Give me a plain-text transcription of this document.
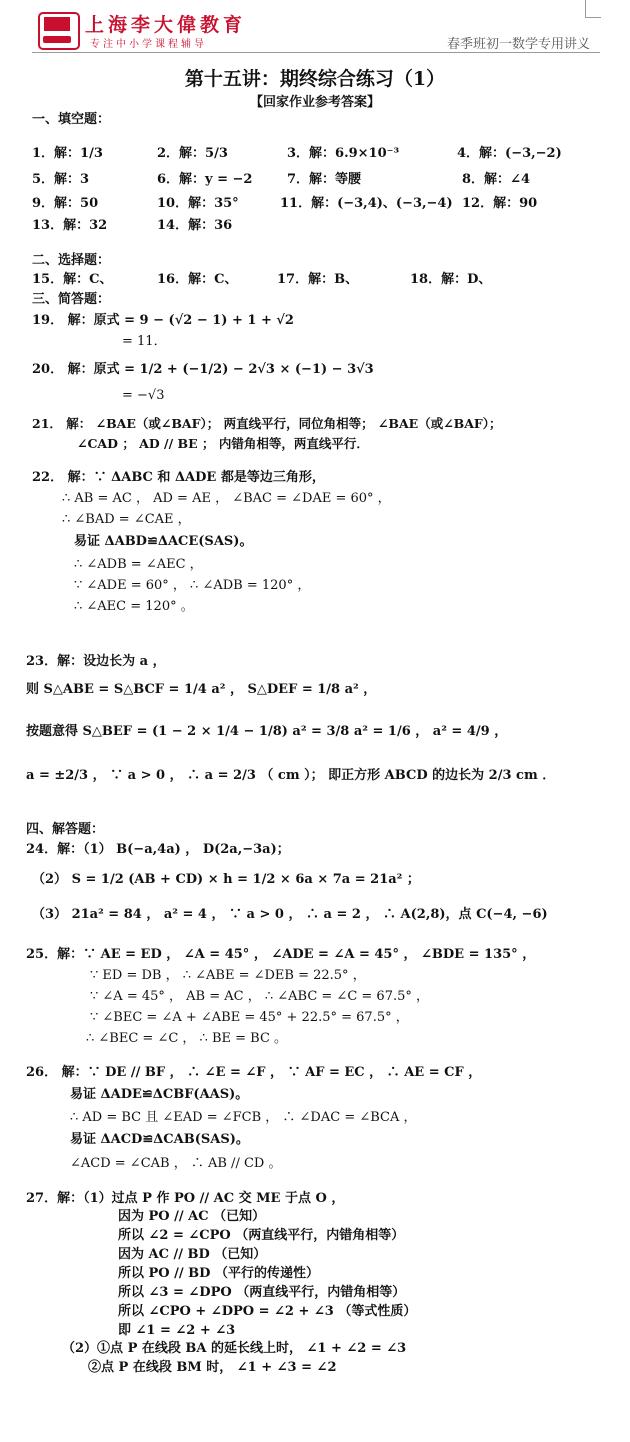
上海李大偉教育
专注中小学课程辅导	春季班初一数学专用讲义
第十五讲：期终综合练习（1）
【回家作业参考答案】
一、填空题：
1．解：1/3	2．解：5/3	3．解：6.9×10⁻³	4．解：(−3,−2)
5．解：3	6．解：y = −2	7．解：等腰	8．解：∠4
9．解：50	10．解：35°	11．解：(−3,4)、(−3,−4) 12．解：90
13．解：32	14．解：36
二、选择题：
15．解：C、	16．解：C、	17．解：B、	18．解：D、
三、简答题：
19． 解：原式 = 9 − (√2 − 1) + 1 + √2
= 11．
20． 解：原式 = 1/2 + (−1/2) − 2√3 × (−1) − 3√3
= −√3
21． 解： ∠BAE（或∠BAF）； 两直线平行，同位角相等； ∠BAE（或∠BAF）；
∠CAD ； AD // BE ； 内错角相等，两直线平行．
22． 解：∵ ΔABC 和 ΔADE 都是等边三角形，
∴ AB = AC ， AD = AE ， ∠BAC = ∠DAE = 60° ，
∴ ∠BAD = ∠CAE ，
易证 ΔABD≌ΔACE(SAS)。
∴ ∠ADB = ∠AEC ，
∵ ∠ADE = 60° ， ∴ ∠ADB = 120° ，
∴ ∠AEC = 120° 。
23．解：设边长为 a ，
则 S△ABE = S△BCF = 1/4 a² ， S△DEF = 1/8 a² ，
按题意得 S△BEF = (1 − 2 × 1/4 − 1/8) a² = 3/8 a² = 1/6 ， a² = 4/9 ，
a = ±2/3 ， ∵ a > 0 ， ∴ a = 2/3 （ cm ）； 即正方形 ABCD 的边长为 2/3 cm ．
四、解答题：
24．解：（1） B(−a,4a) ， D(2a,−3a)；
（2） S = 1/2 (AB + CD) × h = 1/2 × 6a × 7a = 21a² ；
（3） 21a² = 84 ， a² = 4 ， ∵ a > 0 ， ∴ a = 2 ， ∴ A(2,8)，点 C(−4, −6)
25．解：∵ AE = ED ， ∠A = 45° ， ∠ADE = ∠A = 45° ， ∠BDE = 135° ，
∵ ED = DB ， ∴ ∠ABE = ∠DEB = 22.5° ，
∵ ∠A = 45° ， AB = AC ， ∴ ∠ABC = ∠C = 67.5° ，
∵ ∠BEC = ∠A + ∠ABE = 45° + 22.5° = 67.5° ，
∴ ∠BEC = ∠C ， ∴ BE = BC 。
26． 解：∵ DE // BF ， ∴ ∠E = ∠F ， ∵ AF = EC ， ∴ AE = CF ，
易证 ΔADE≌ΔCBF(AAS)。
∴ AD = BC 且 ∠EAD = ∠FCB ， ∴ ∠DAC = ∠BCA ，
易证 ΔACD≌ΔCAB(SAS)。
∠ACD = ∠CAB ， ∴ AB // CD 。
27．解：（1）过点 P 作 PO // AC 交 ME 于点 O ，
因为 PO // AC （已知）
所以 ∠2 = ∠CPO （两直线平行，内错角相等）
因为 AC // BD （已知）
所以 PO // BD （平行的传递性）
所以 ∠3 = ∠DPO （两直线平行，内错角相等）
所以 ∠CPO + ∠DPO = ∠2 + ∠3 （等式性质）
即 ∠1 = ∠2 + ∠3
（2）①点 P 在线段 BA 的延长线上时， ∠1 + ∠2 = ∠3
②点 P 在线段 BM 时， ∠1 + ∠3 = ∠2
